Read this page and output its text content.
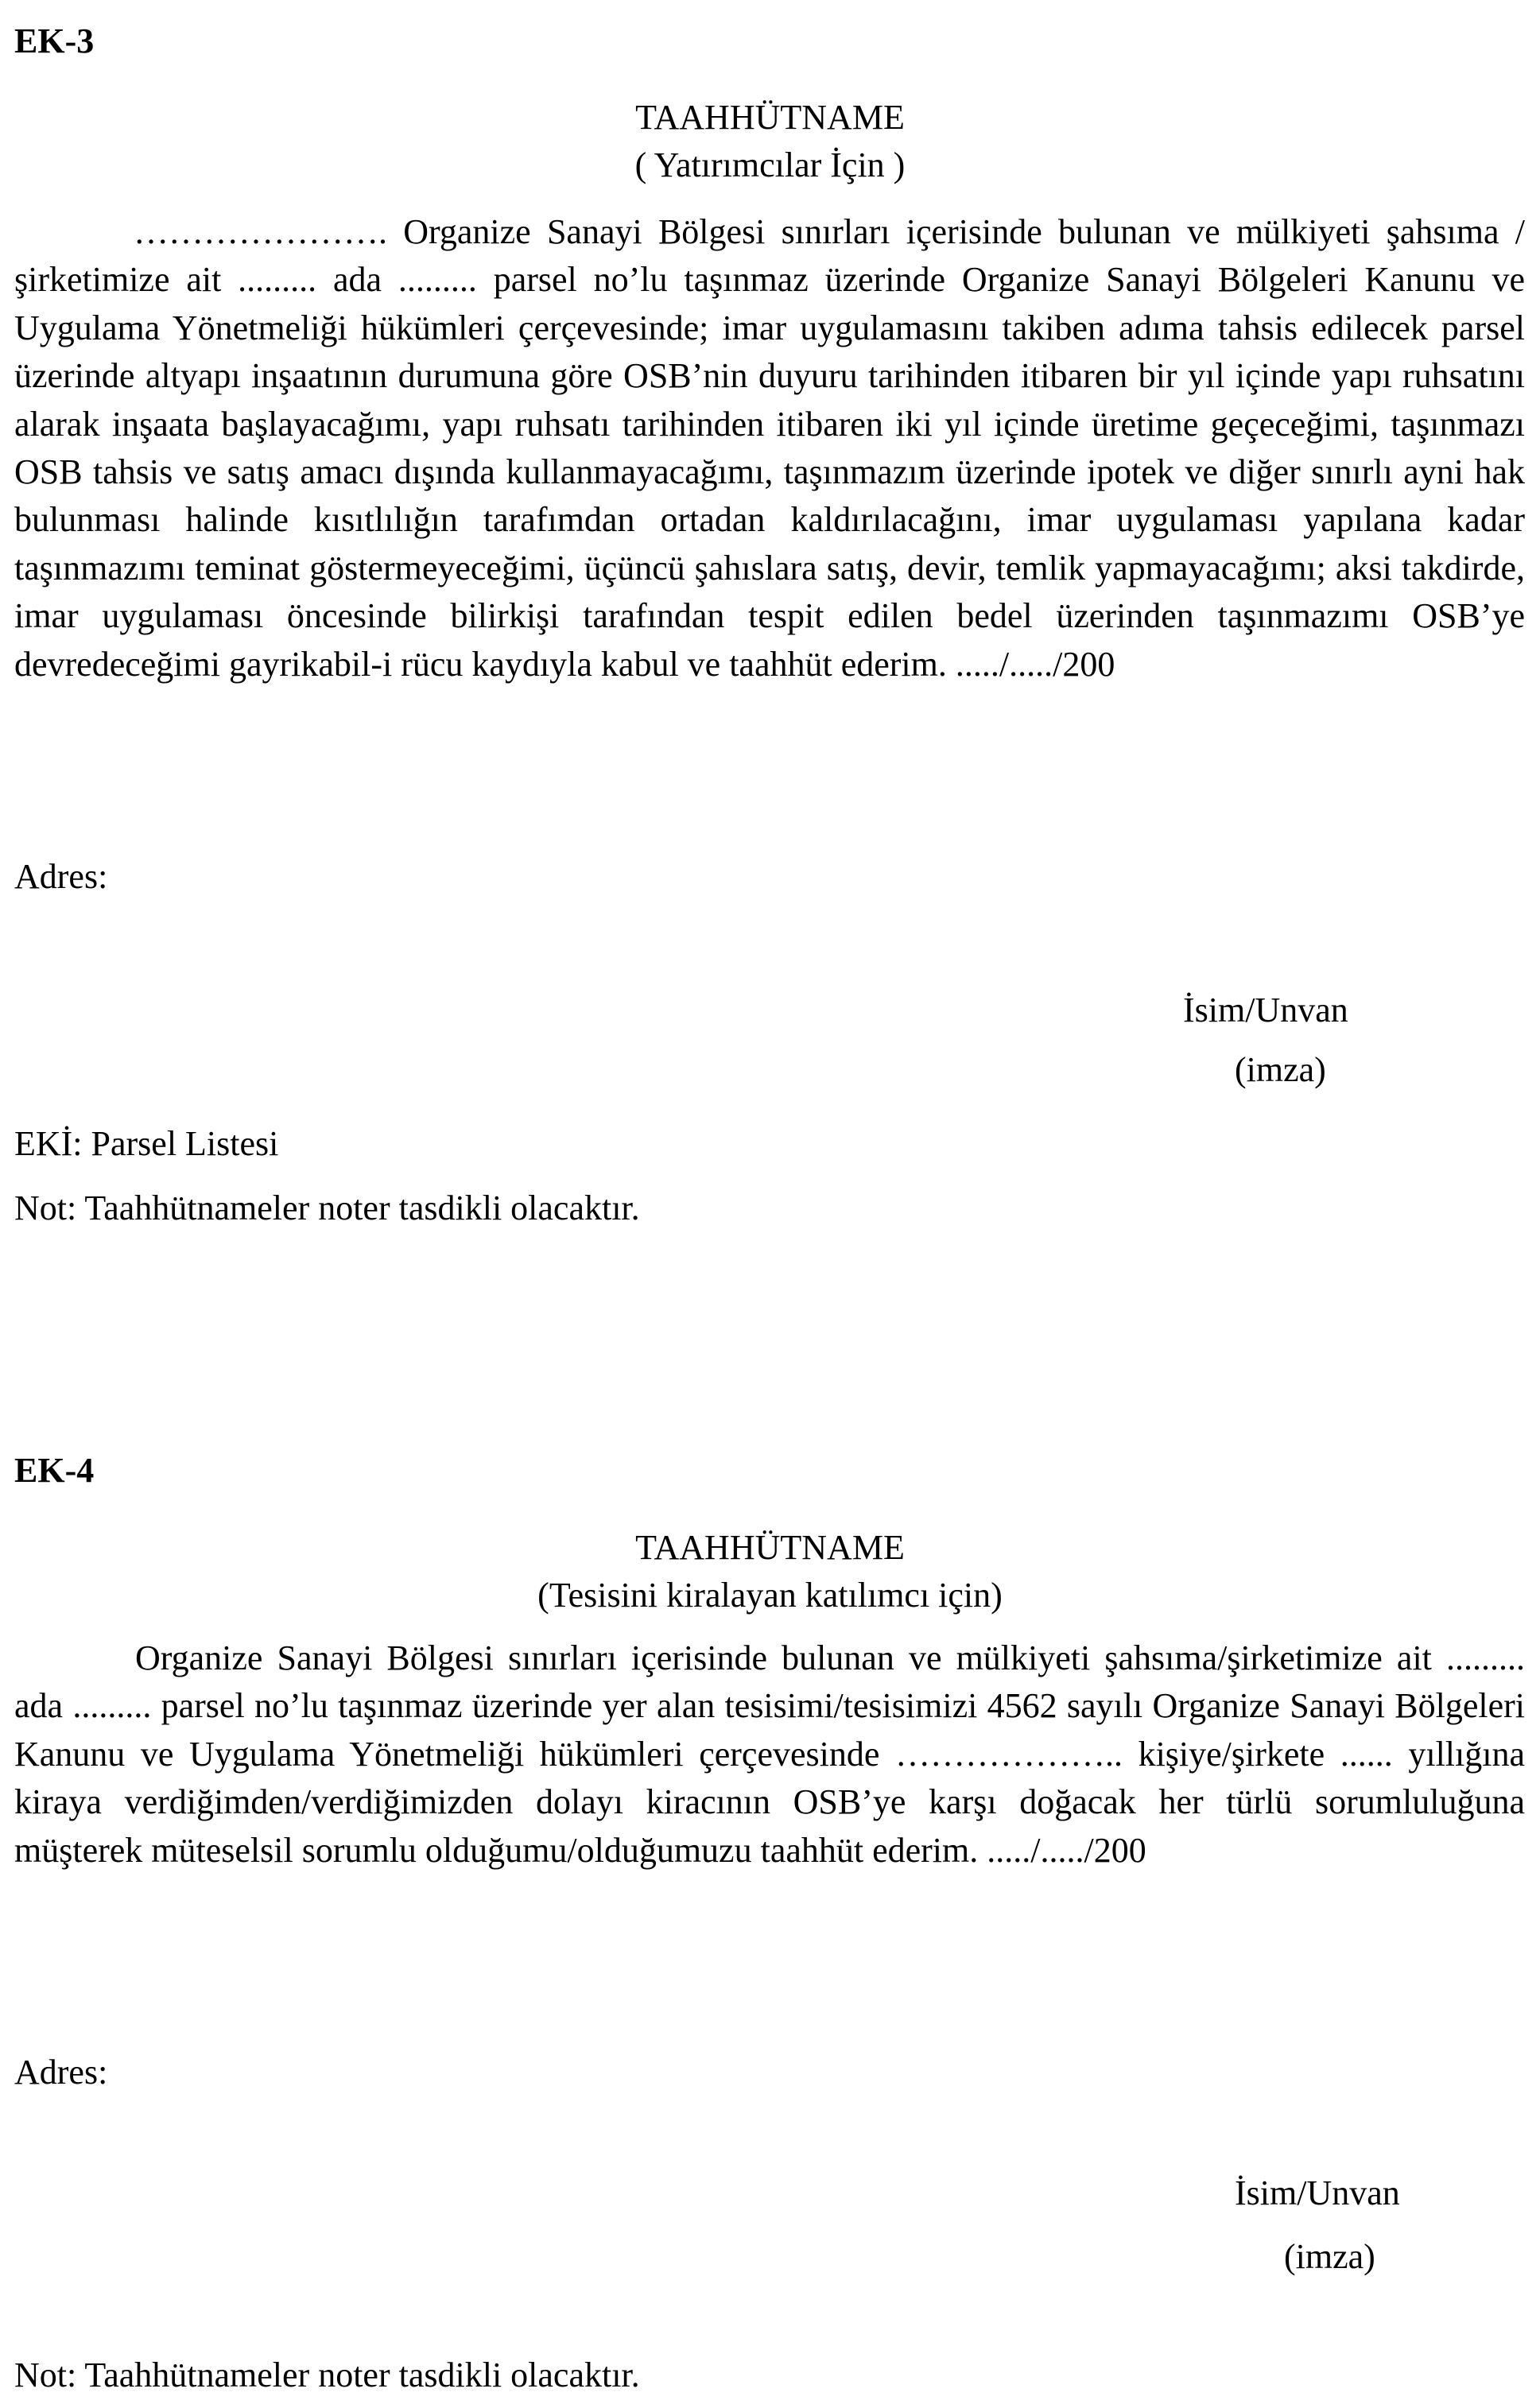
EK-3
TAAHHÜTNAME
( Yatırımcılar İçin )
…………………. Organize Sanayi Bölgesi sınırları içerisinde bulunan ve mülkiyeti şahsıma / şirketimize ait ......... ada ......... parsel no’lu taşınmaz üzerinde Organize Sanayi Bölgeleri Kanunu ve Uygulama Yönetmeliği hükümleri çerçevesinde; imar uygulamasını takiben adıma tahsis edilecek parsel üzerinde altyapı inşaatının durumuna göre OSB’nin duyuru tarihinden itibaren bir yıl içinde yapı ruhsatını alarak inşaata başlayacağımı, yapı ruhsatı tarihinden itibaren iki yıl içinde üretime geçeceğimi, taşınmazı OSB tahsis ve satış amacı dışında kullanmayacağımı, taşınmazım üzerinde ipotek ve diğer sınırlı ayni hak bulunması halinde kısıtlılığın tarafımdan ortadan kaldırılacağını, imar uygulaması yapılana kadar taşınmazımı teminat göstermeyeceğimi, üçüncü şahıslara satış, devir, temlik yapmayacağımı; aksi takdirde, imar uygulaması öncesinde bilirkişi tarafından tespit edilen bedel üzerinden taşınmazımı OSB’ye devredeceğimi gayrikabil-i rücu kaydıyla kabul ve taahhüt ederim. ...../...../200
Adres:
İsim/Unvan
(imza)
EKİ: Parsel Listesi
Not: Taahhütnameler noter tasdikli olacaktır.
EK-4
TAAHHÜTNAME
(Tesisini kiralayan katılımcı için)
Organize Sanayi Bölgesi sınırları içerisinde bulunan ve mülkiyeti şahsıma/şirketimize ait ......... ada ......... parsel no’lu taşınmaz üzerinde yer alan tesisimi/tesisimizi 4562 sayılı Organize Sanayi Bölgeleri Kanunu ve Uygulama Yönetmeliği hükümleri çerçevesinde ……………….. kişiye/şirkete ...... yıllığına kiraya verdiğimden/verdiğimizden dolayı kiracının OSB’ye karşı doğacak her türlü sorumluluğuna müşterek müteselsil sorumlu olduğumu/olduğumuzu taahhüt ederim. ...../...../200
Adres:
İsim/Unvan
(imza)
Not: Taahhütnameler noter tasdikli olacaktır.
